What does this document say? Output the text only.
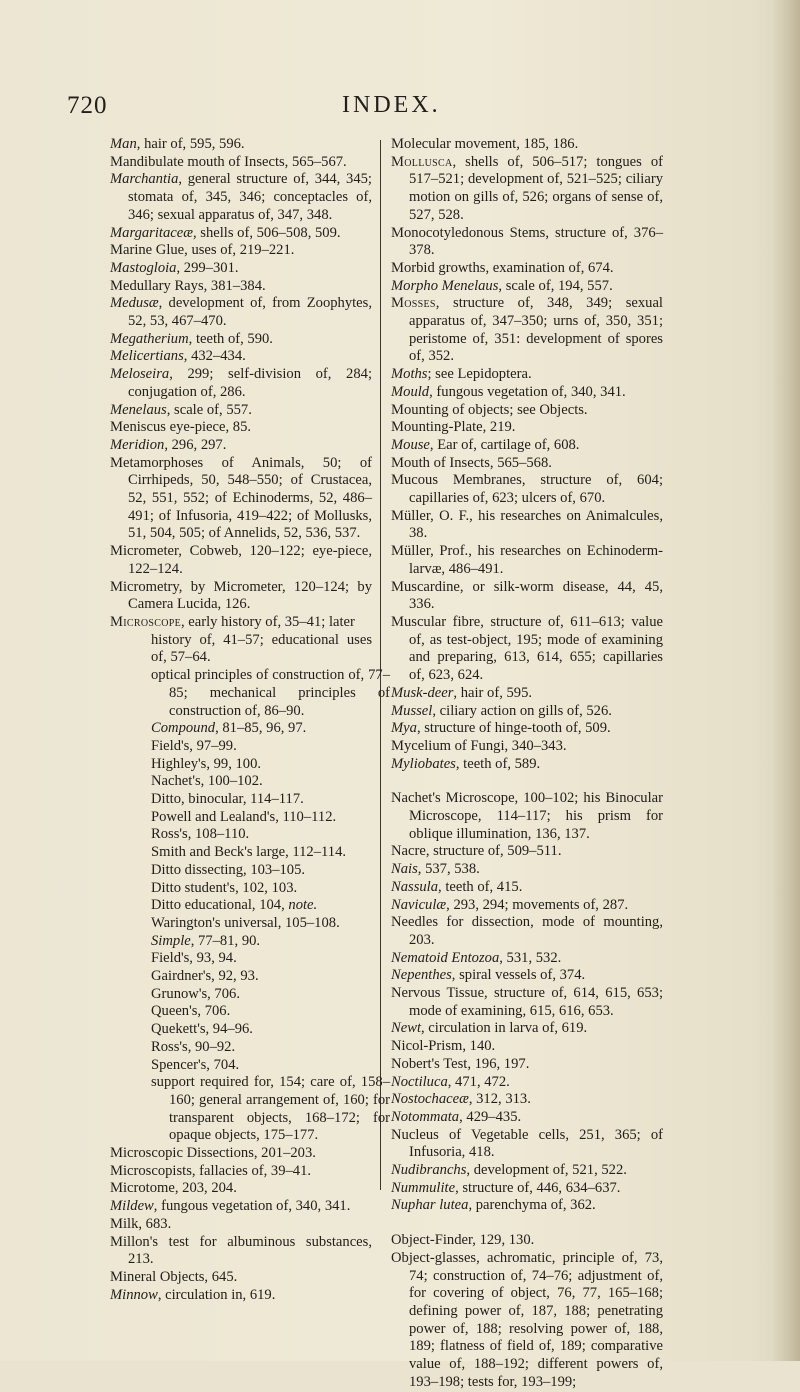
720	INDEX.
Man, hair of, 595, 596.
Mandibulate mouth of Insects, 565–567.
Marchantia, general structure of, 344, 345; stomata of, 345, 346; conceptacles of, 346; sexual apparatus of, 347, 348.
Margaritaceæ, shells of, 506–508, 509.
Marine Glue, uses of, 219–221.
Mastogloia, 299–301.
Medullary Rays, 381–384.
Medusæ, development of, from Zoophytes, 52, 53, 467–470.
Megatherium, teeth of, 590.
Melicertians, 432–434.
Meloseira, 299; self-division of, 284; conjugation of, 286.
Menelaus, scale of, 557.
Meniscus eye-piece, 85.
Meridion, 296, 297.
Metamorphoses of Animals, 50; of Cirrhipeds, 50, 548–550; of Crustacea, 52, 551, 552; of Echinoderms, 52, 486–491; of Infusoria, 419–422; of Mollusks, 51, 504, 505; of Annelids, 52, 536, 537.
Micrometer, Cobweb, 120–122; eye-piece, 122–124.
Micrometry, by Micrometer, 120–124; by Camera Lucida, 126.
Microscope, early history of, 35–41; later
history of, 41–57; educational uses of, 57–64.
optical principles of construction of, 77–85; mechanical principles of construction of, 86–90.
Compound, 81–85, 96, 97.
Field's, 97–99.
Highley's, 99, 100.
Nachet's, 100–102.
Ditto, binocular, 114–117.
Powell and Lealand's, 110–112.
Ross's, 108–110.
Smith and Beck's large, 112–114.
Ditto dissecting, 103–105.
Ditto student's, 102, 103.
Ditto educational, 104, note.
Warington's universal, 105–108.
Simple, 77–81, 90.
Field's, 93, 94.
Gairdner's, 92, 93.
Grunow's, 706.
Queen's, 706.
Quekett's, 94–96.
Ross's, 90–92.
Spencer's, 704.
support required for, 154; care of, 158–160; general arrangement of, 160; for transparent objects, 168–172; for opaque objects, 175–177.
Microscopic Dissections, 201–203.
Microscopists, fallacies of, 39–41.
Microtome, 203, 204.
Mildew, fungous vegetation of, 340, 341.
Milk, 683.
Millon's test for albuminous substances, 213.
Mineral Objects, 645.
Minnow, circulation in, 619.
Molecular movement, 185, 186.
Mollusca, shells of, 506–517; tongues of 517–521; development of, 521–525; ciliary motion on gills of, 526; organs of sense of, 527, 528.
Monocotyledonous Stems, structure of, 376–378.
Morbid growths, examination of, 674.
Morpho Menelaus, scale of, 194, 557.
Mosses, structure of, 348, 349; sexual apparatus of, 347–350; urns of, 350, 351; peristome of, 351: development of spores of, 352.
Moths; see Lepidoptera.
Mould, fungous vegetation of, 340, 341.
Mounting of objects; see Objects.
Mounting-Plate, 219.
Mouse, Ear of, cartilage of, 608.
Mouth of Insects, 565–568.
Mucous Membranes, structure of, 604; capillaries of, 623; ulcers of, 670.
Müller, O. F., his researches on Animalcules, 38.
Müller, Prof., his researches on Echinoderm-larvæ, 486–491.
Muscardine, or silk-worm disease, 44, 45, 336.
Muscular fibre, structure of, 611–613; value of, as test-object, 195; mode of examining and preparing, 613, 614, 655; capillaries of, 623, 624.
Musk-deer, hair of, 595.
Mussel, ciliary action on gills of, 526.
Mya, structure of hinge-tooth of, 509.
Mycelium of Fungi, 340–343.
Myliobates, teeth of, 589.
Nachet's Microscope, 100–102; his Binocular Microscope, 114–117; his prism for oblique illumination, 136, 137.
Nacre, structure of, 509–511.
Nais, 537, 538.
Nassula, teeth of, 415.
Naviculæ, 293, 294; movements of, 287.
Needles for dissection, mode of mounting, 203.
Nematoid Entozoa, 531, 532.
Nepenthes, spiral vessels of, 374.
Nervous Tissue, structure of, 614, 615, 653; mode of examining, 615, 616, 653.
Newt, circulation in larva of, 619.
Nicol-Prism, 140.
Nobert's Test, 196, 197.
Noctiluca, 471, 472.
Nostochaceæ, 312, 313.
Notommata, 429–435.
Nucleus of Vegetable cells, 251, 365; of Infusoria, 418.
Nudibranchs, development of, 521, 522.
Nummulite, structure of, 446, 634–637.
Nuphar lutea, parenchyma of, 362.
Object-Finder, 129, 130.
Object-glasses, achromatic, principle of, 73, 74; construction of, 74–76; adjustment of, for covering of object, 76, 77, 165–168; defining power of, 187, 188; penetrating power of, 188; resolving power of, 188, 189; flatness of field of, 189; comparative value of, 188–192; different powers of, 193–198; tests for, 193–199;
